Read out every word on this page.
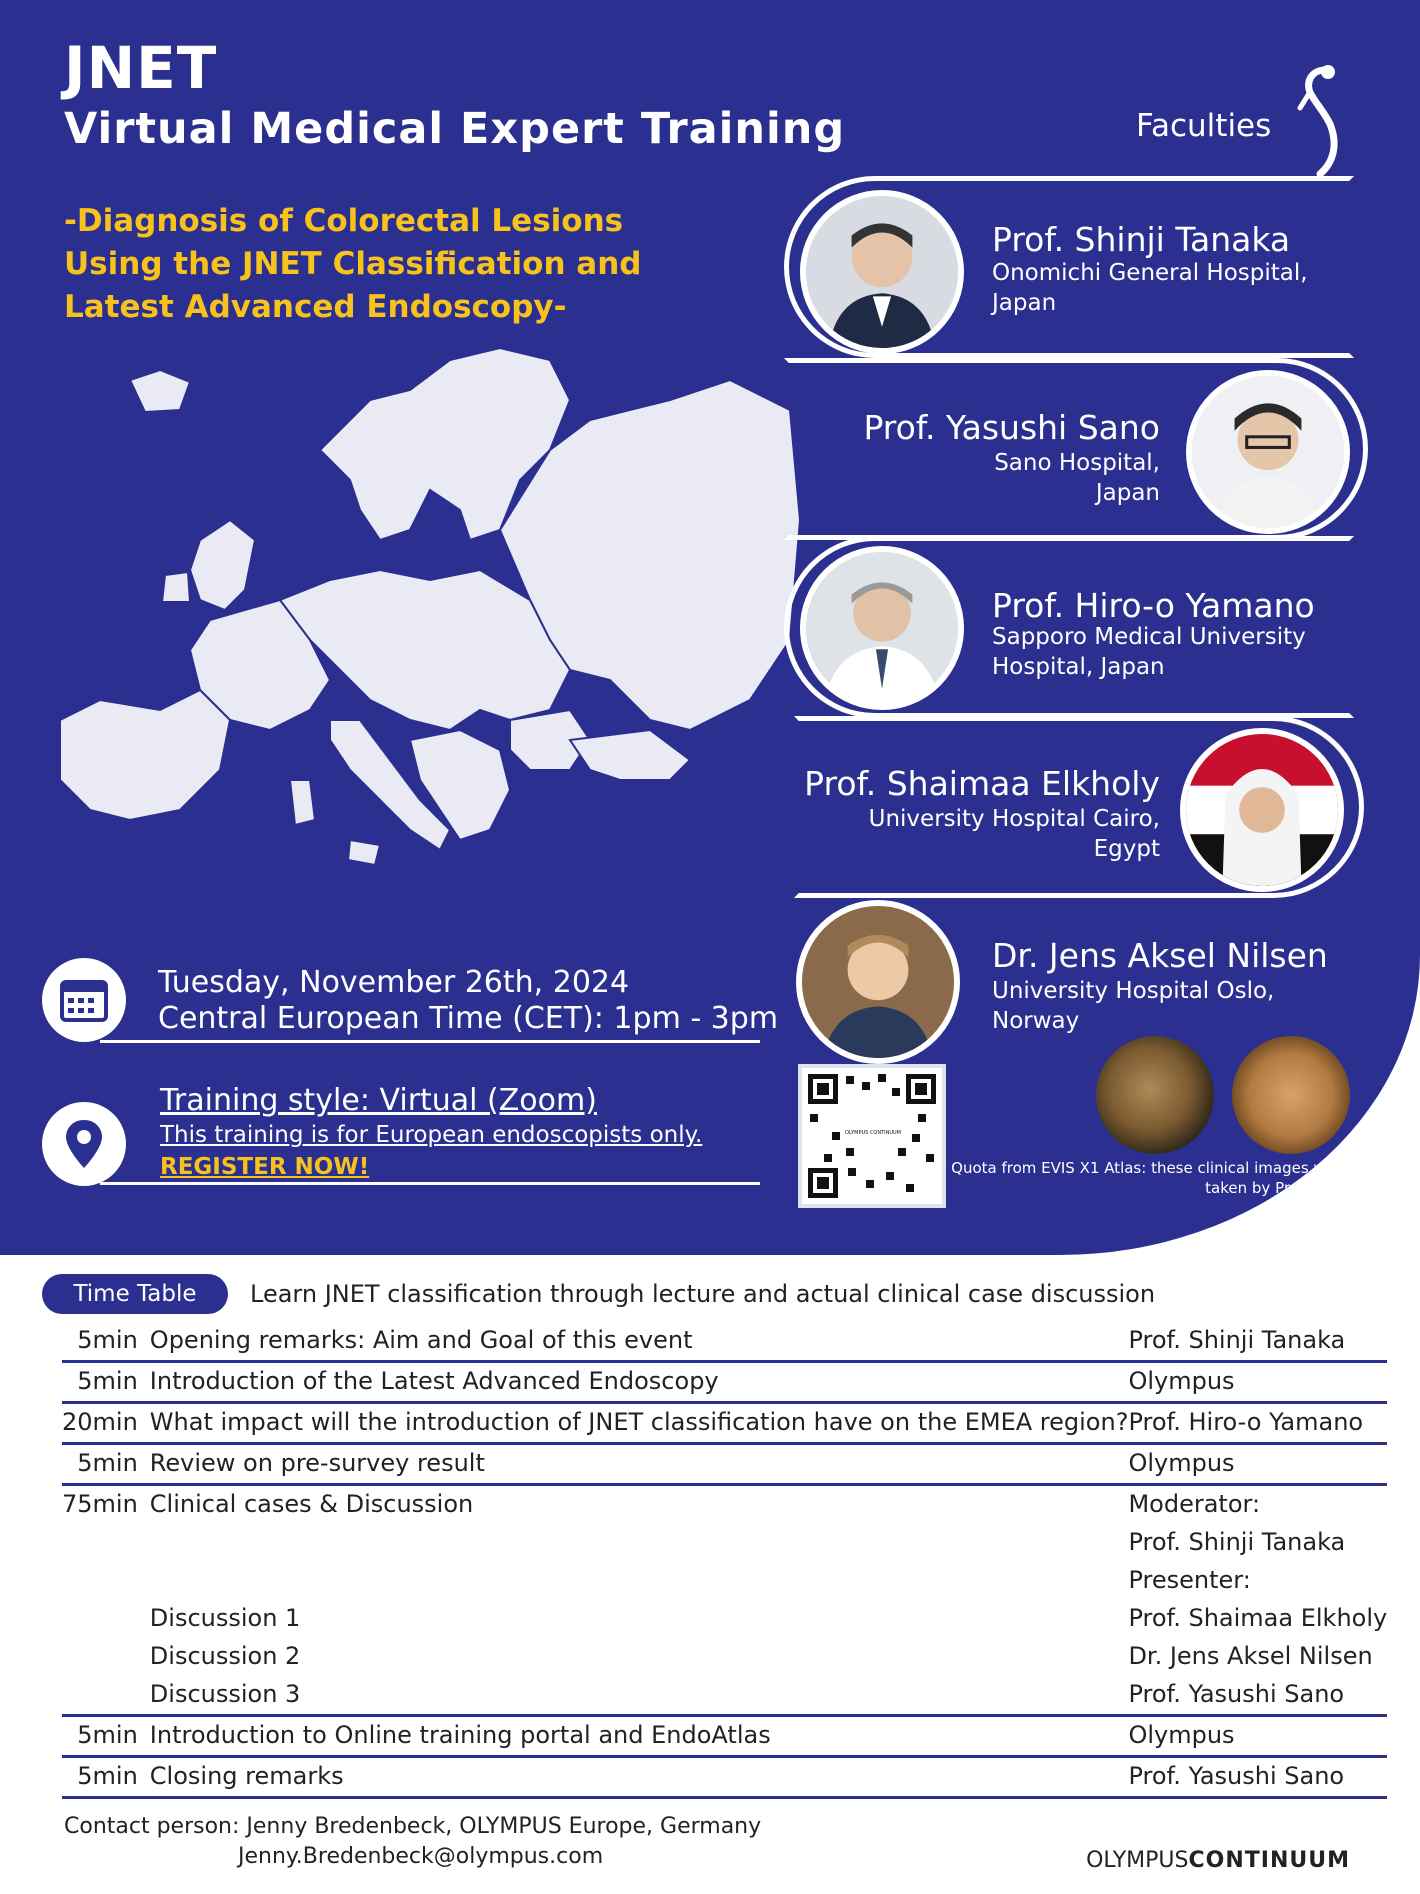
JNET
Virtual Medical Expert Training
-Diagnosis of Colorectal Lesions
Using the JNET Classification and
Latest Advanced Endoscopy-
Faculties
Prof. Shinji Tanaka
Onomichi General Hospital,
Japan
Prof. Yasushi Sano
Sano Hospital,
Japan
Prof. Hiro-o Yamano
Sapporo Medical University
Hospital, Japan
Prof. Shaimaa Elkholy
University Hospital Cairo,
Egypt
Dr. Jens Aksel Nilsen
University Hospital Oslo,
Norway
Tuesday, November 26th, 2024
Central European Time (CET): 1pm - 3pm
Training style: Virtual (Zoom)
This training is for European endoscopists only.
REGISTER NOW!
OLYMPUS CONTINUUM
Quota from EVIS X1 Atlas: these clinical images were
taken by Prof. Sano
Time Table	Learn JNET classification through lecture and actual clinical case discussion
5min	Opening remarks: Aim and Goal of this event	Prof. Shinji Tanaka
5min	Introduction of the Latest Advanced Endoscopy	Olympus
20min	What impact will the introduction of JNET classification have on the EMEA region?	Prof. Hiro-o Yamano
5min	Review on pre-survey result	Olympus
75min	Clinical cases & Discussion	Moderator:
		Prof. Shinji Tanaka
		Presenter:
	Discussion 1	Prof. Shaimaa Elkholy
	Discussion 2	Dr. Jens Aksel Nilsen
	Discussion 3	Prof. Yasushi Sano
5min	Introduction to Online training portal and EndoAtlas	Olympus
5min	Closing remarks	Prof. Yasushi Sano
Contact person: Jenny Bredenbeck, OLYMPUS Europe, Germany
Jenny.Bredenbeck@olympus.com	OLYMPUSCONTINUUM
